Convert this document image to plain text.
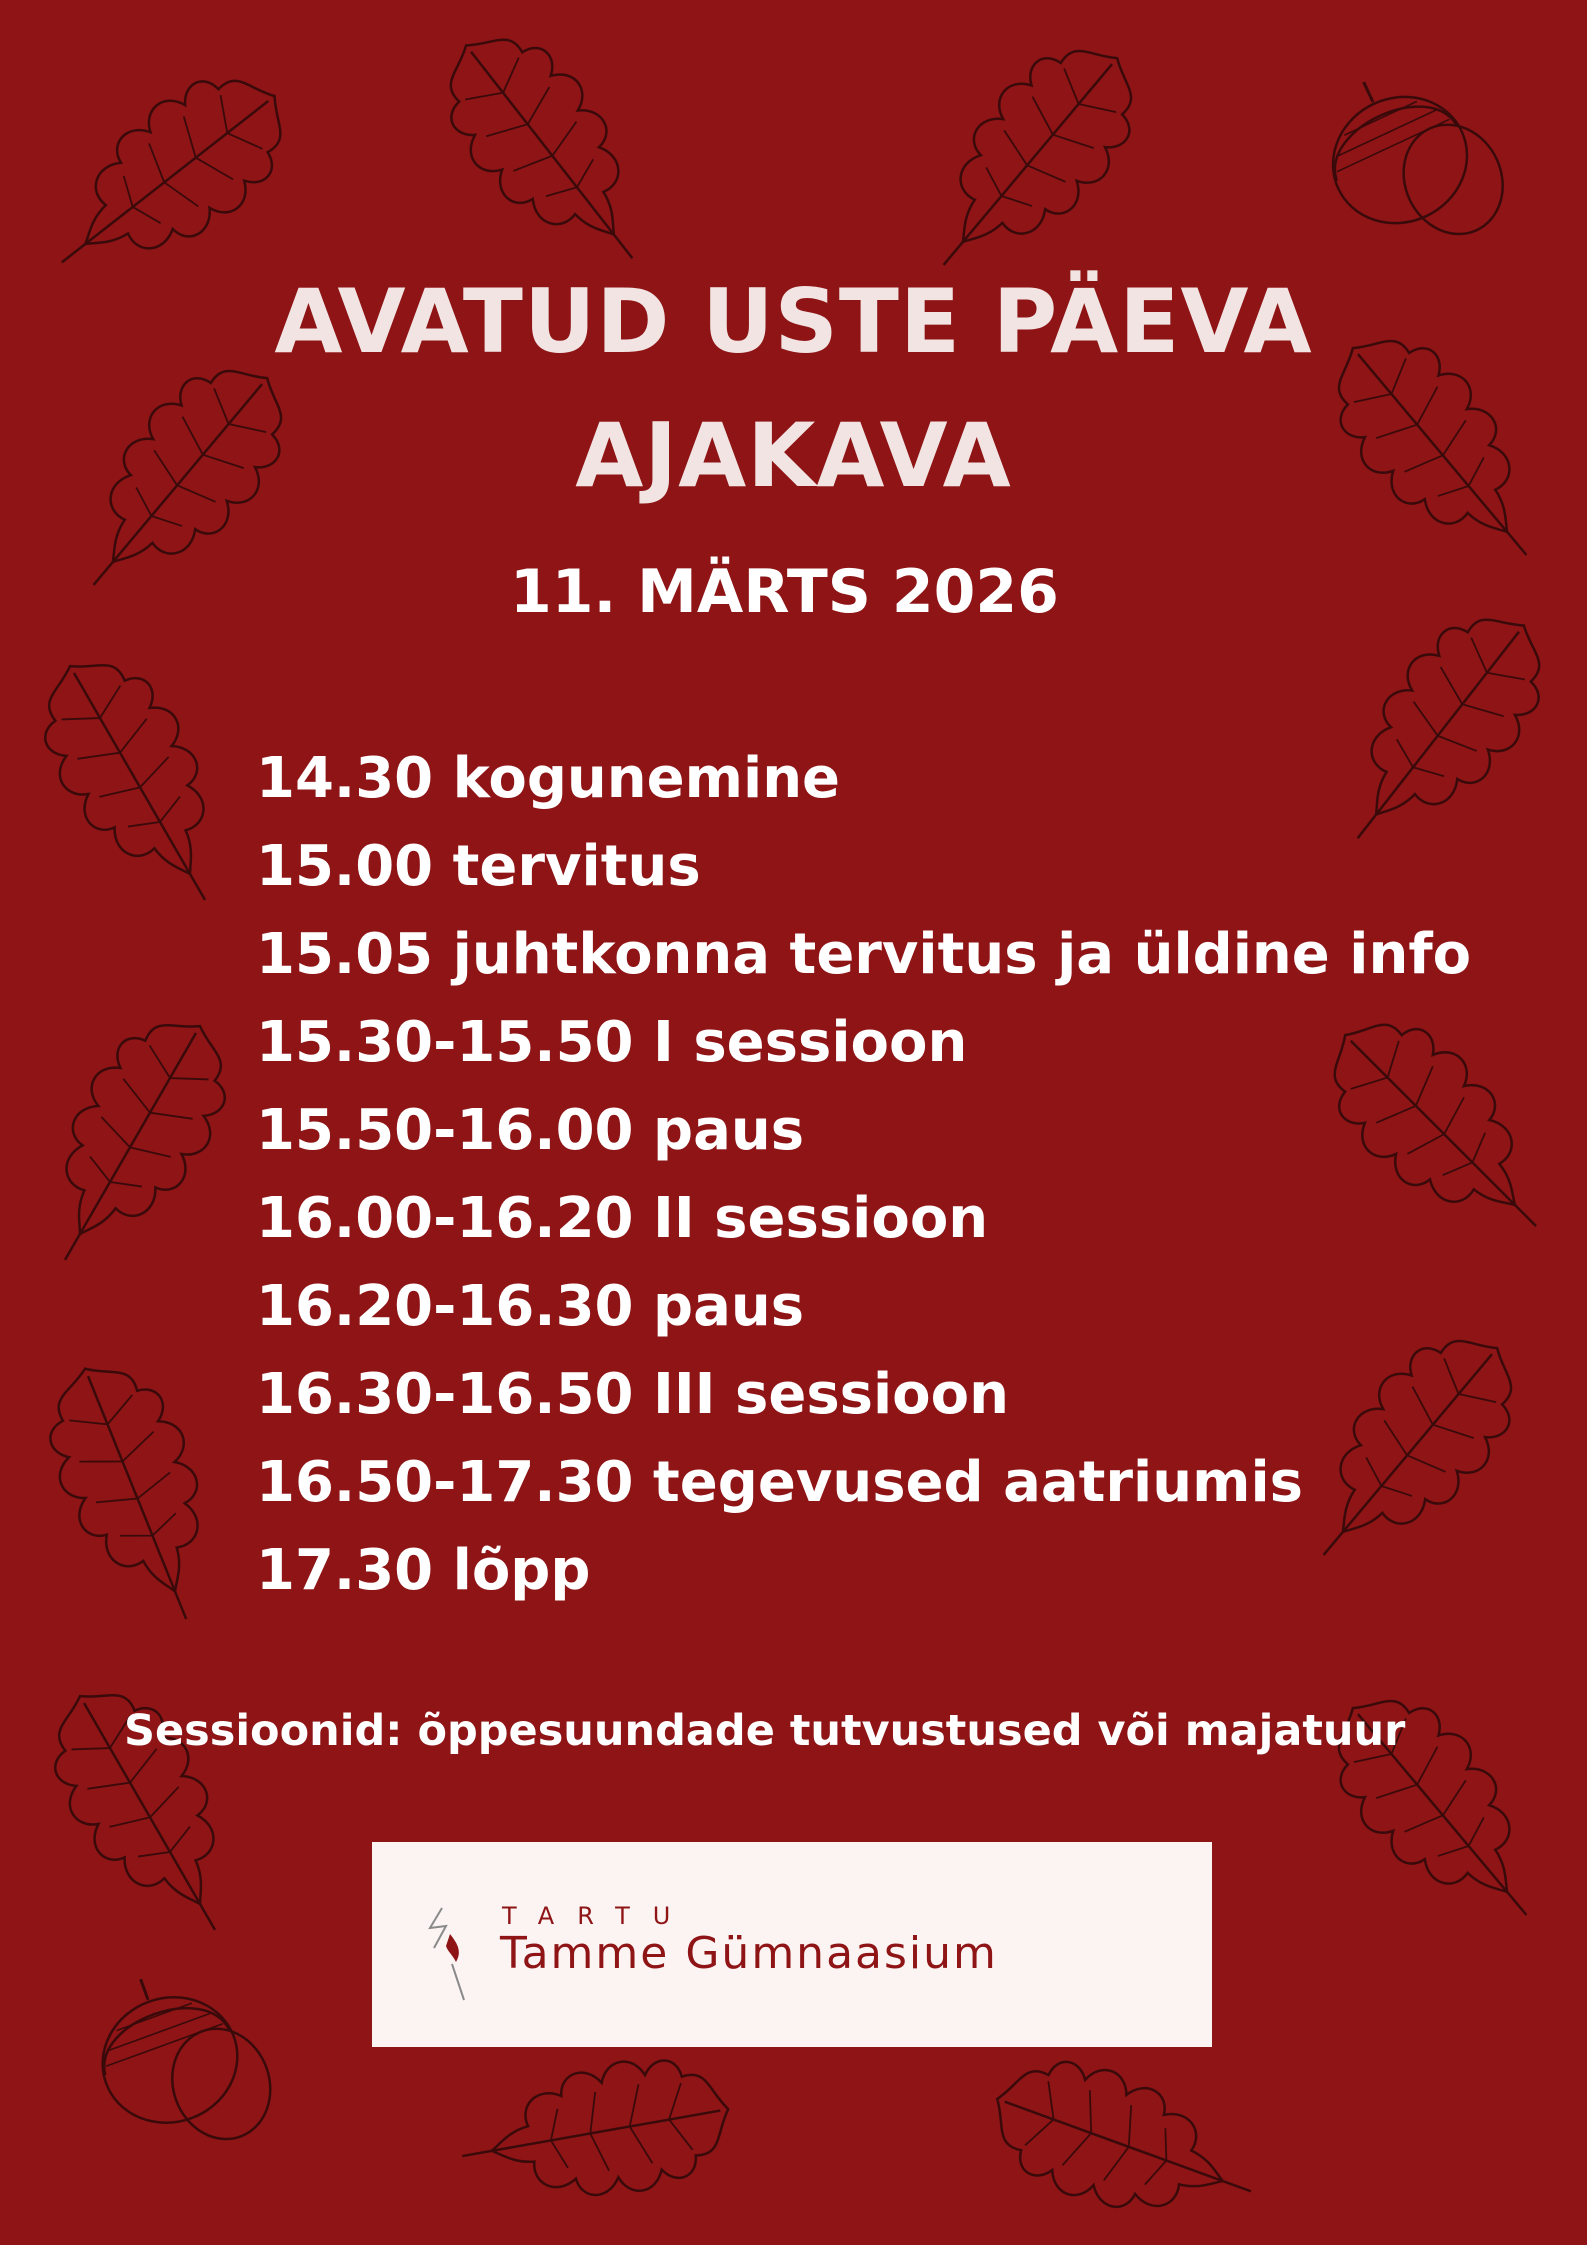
AVATUD USTE PÄEVA
AJAKAVA

11. MÄRTS 2026

14.30 kogunemine
15.00 tervitus
15.05 juhtkonna tervitus ja üldine info
15.30-15.50 I sessioon
15.50-16.00 paus
16.00-16.20 II sessioon
16.20-16.30 paus
16.30-16.50 III sessioon
16.50-17.30 tegevused aatriumis
17.30 lõpp

Sessioonid: õppesuundade tutvustused või majatuur

TARTU
Tamme Gümnaasium
